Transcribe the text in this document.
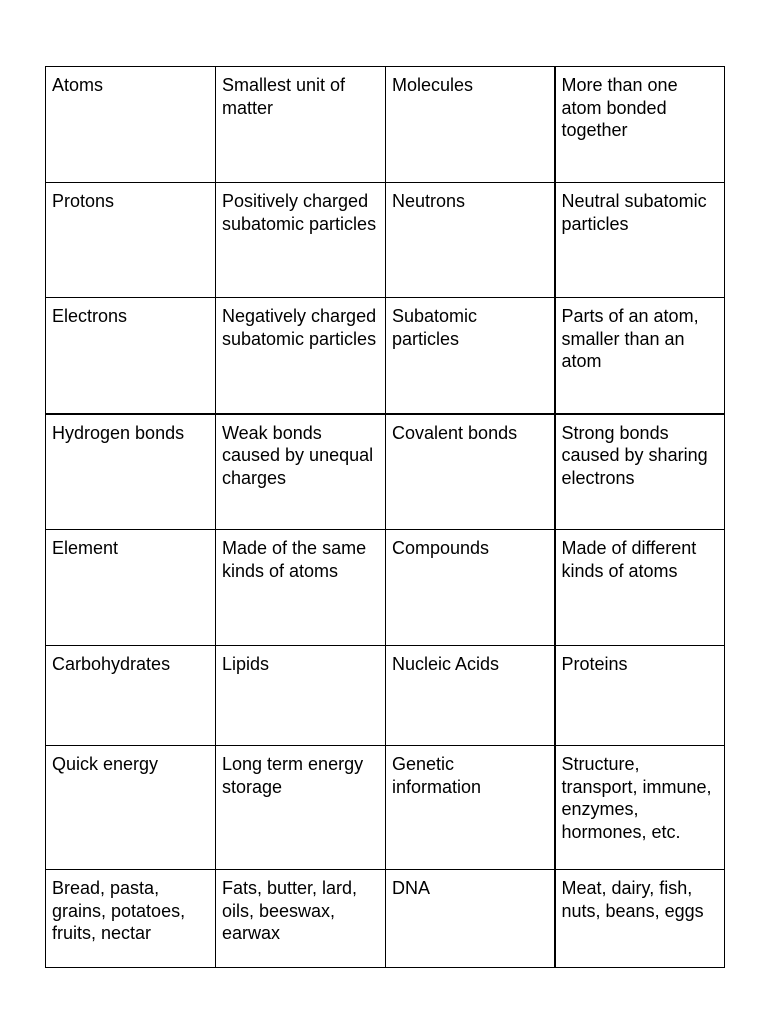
Atoms	Smallest unit of matter	Molecules	More than one atom bonded together
Protons	Positively charged subatomic particles	Neutrons	Neutral subatomic particles
Electrons	Negatively charged subatomic particles	Subatomic particles	Parts of an atom, smaller than an atom
Hydrogen bonds	Weak bonds caused by unequal charges	Covalent bonds	Strong bonds caused by sharing electrons
Element	Made of the same kinds of atoms	Compounds	Made of different kinds of atoms
Carbohydrates	Lipids	Nucleic Acids	Proteins
Quick energy	Long term energy storage	Genetic information	Structure, transport, immune, enzymes, hormones, etc.
Bread, pasta, grains, potatoes, fruits, nectar	Fats, butter, lard, oils, beeswax, earwax	DNA	Meat, dairy, fish, nuts, beans, eggs
